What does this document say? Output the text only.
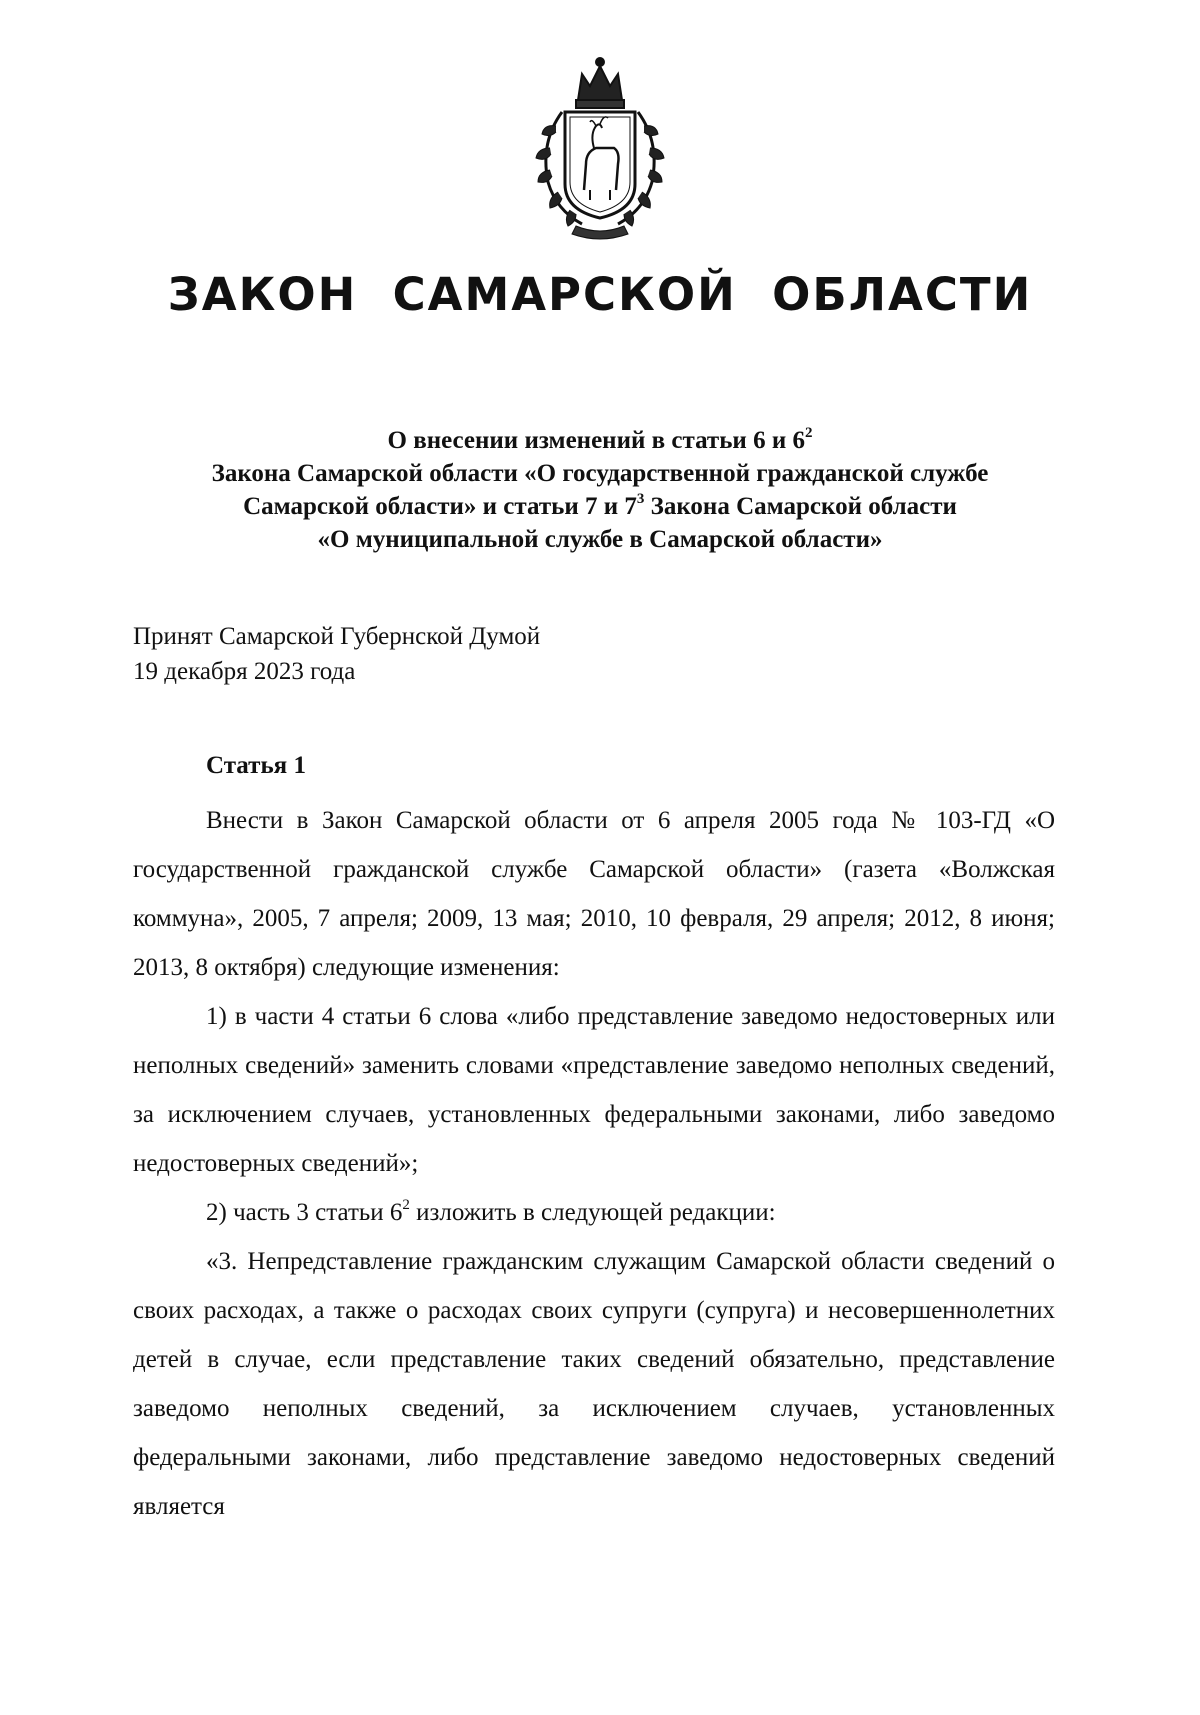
ЗАКОН  САМАРСКОЙ  ОБЛАСТИ
О внесении изменений в статьи 6 и $6^2$
Закона Самарской области «О государственной гражданской службе
Самарской области» и статьи 7 и $7^3$ Закона Самарской области
«О муниципальной службе в Самарской области»
Принят Самарской Губернской Думой
19 декабря 2023 года
Статья 1

Внести в Закон Самарской области от 6 апреля 2005 года № 103-ГД «О государственной гражданской службе Самарской области» (газета «Волжская коммуна», 2005, 7 апреля; 2009, 13 мая; 2010, 10 февраля, 29 апреля; 2012, 8 июня; 2013, 8 октября) следующие изменения:

1) в части 4 статьи 6 слова «либо представление заведомо недостоверных или неполных сведений» заменить словами «представление заведомо неполных сведений, за исключением случаев, установленных федеральными законами, либо заведомо недостоверных сведений»;

2) часть 3 статьи $6^2$ изложить в следующей редакции:

«3. Непредставление гражданским служащим Самарской области сведений о своих расходах, а также о расходах своих супруги (супруга) и несовершеннолетних детей в случае, если представление таких сведений обязательно, представление заведомо неполных сведений, за исключением случаев, установленных федеральными законами, либо представление заведомо недостоверных сведений является
